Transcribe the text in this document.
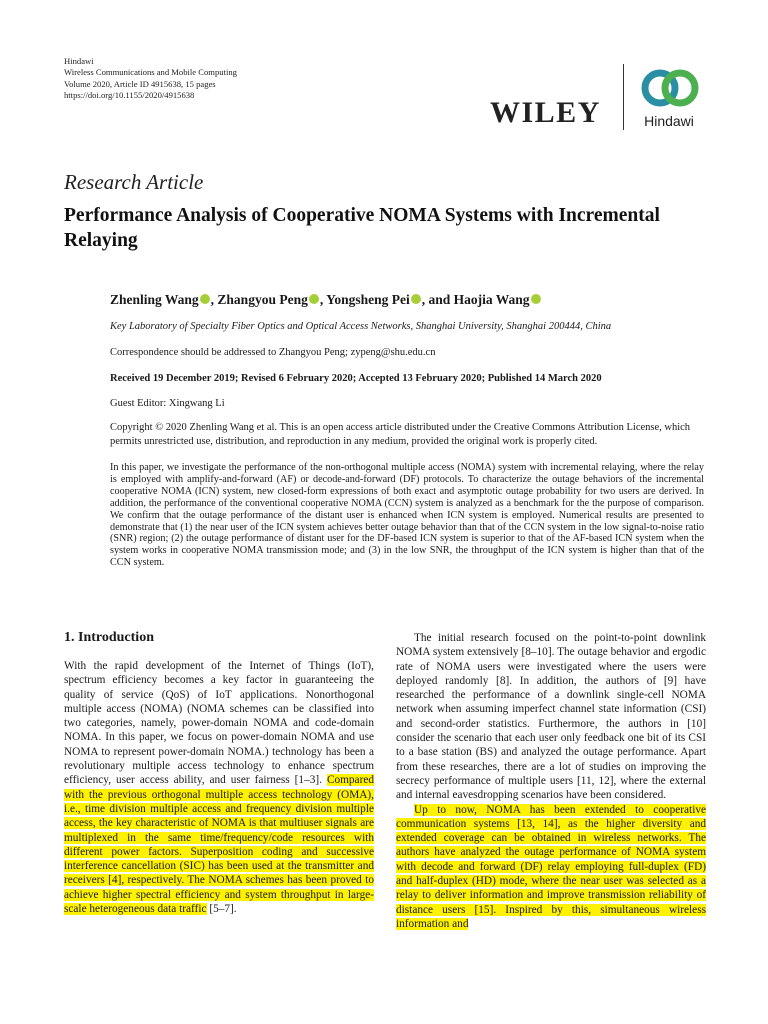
Hindawi
Wireless Communications and Mobile Computing
Volume 2020, Article ID 4915638, 15 pages
https://doi.org/10.1155/2020/4915638
WILEY	Hindawi
Research Article
Performance Analysis of Cooperative NOMA Systems with Incremental Relaying
Zhenling Wang , Zhangyou Peng , Yongsheng Pei , and Haojia Wang
Key Laboratory of Specialty Fiber Optics and Optical Access Networks, Shanghai University, Shanghai 200444, China
Correspondence should be addressed to Zhangyou Peng; zypeng@shu.edu.cn
Received 19 December 2019; Revised 6 February 2020; Accepted 13 February 2020; Published 14 March 2020
Guest Editor: Xingwang Li
Copyright © 2020 Zhenling Wang et al. This is an open access article distributed under the Creative Commons Attribution License, which permits unrestricted use, distribution, and reproduction in any medium, provided the original work is properly cited.
In this paper, we investigate the performance of the non-orthogonal multiple access (NOMA) system with incremental relaying, where the relay is employed with amplify-and-forward (AF) or decode-and-forward (DF) protocols. To characterize the outage behaviors of the incremental cooperative NOMA (ICN) system, new closed-form expressions of both exact and asymptotic outage probability for two users are derived. In addition, the performance of the conventional cooperative NOMA (CCN) system is analyzed as a benchmark for the the purpose of comparison. We confirm that the outage performance of the distant user is enhanced when ICN system is employed. Numerical results are presented to demonstrate that (1) the near user of the ICN system achieves better outage behavior than that of the CCN system in the low signal-to-noise ratio (SNR) region; (2) the outage performance of distant user for the DF-based ICN system is superior to that of the AF-based ICN system when the system works in cooperative NOMA transmission mode; and (3) in the low SNR, the throughput of the ICN system is higher than that of the CCN system.
1. Introduction

With the rapid development of the Internet of Things (IoT), spectrum efficiency becomes a key factor in guaranteeing the quality of service (QoS) of IoT applications. Nonorthogonal multiple access (NOMA) (NOMA schemes can be classified into two categories, namely, power-domain NOMA and code-domain NOMA. In this paper, we focus on power-domain NOMA and use NOMA to represent power-domain NOMA.) technology has been a revolutionary multiple access technology to enhance spectrum efficiency, user access ability, and user fairness [1–3]. Compared with the previous orthogonal multiple access technology (OMA), i.e., time division multiple access and frequency division multiple access, the key characteristic of NOMA is that multiuser signals are multiplexed in the same time/frequency/code resources with different power factors. Superposition coding and successive interference cancellation (SIC) has been used at the transmitter and receivers [4], respectively. The NOMA schemes has been proved to achieve higher spectral efficiency and system throughput in large-scale heterogeneous data traffic [5–7].

The initial research focused on the point-to-point downlink NOMA system extensively [8–10]. The outage behavior and ergodic rate of NOMA users were investigated where the users were deployed randomly [8]. In addition, the authors of [9] have researched the performance of a downlink single-cell NOMA network when assuming imperfect channel state information (CSI) and second-order statistics. Furthermore, the authors in [10] consider the scenario that each user only feedback one bit of its CSI to a base station (BS) and analyzed the outage performance. Apart from these researches, there are a lot of studies on improving the secrecy performance of multiple users [11, 12], where the external and internal eavesdropping scenarios have been considered.

Up to now, NOMA has been extended to cooperative communication systems [13, 14], as the higher diversity and extended coverage can be obtained in wireless networks. The authors have analyzed the outage performance of NOMA system with decode and forward (DF) relay employing full-duplex (FD) and half-duplex (HD) mode, where the near user was selected as a relay to deliver information and improve transmission reliability of distance users [15]. Inspired by this, simultaneous wireless information and
